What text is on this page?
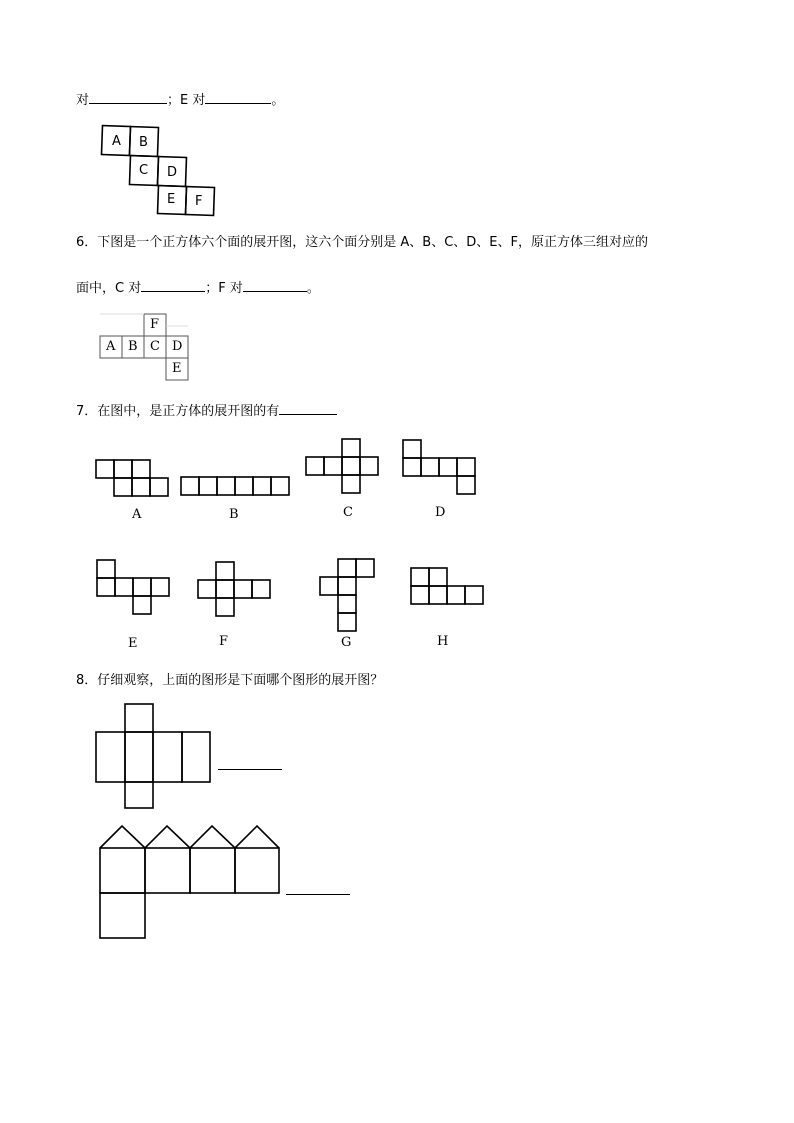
对	；E 对	。
A B
C D
E F
6．下图是一个正方体六个面的展开图，这六个面分别是 A、B、C、D、E、F，原正方体三组对应的
面中，C 对	；F 对	。
F
A B C D
E
7．在图中，是正方体的展开图的有
A	B	C	D
E	F	G	H
8．仔细观察，上面的图形是下面哪个图形的展开图？
